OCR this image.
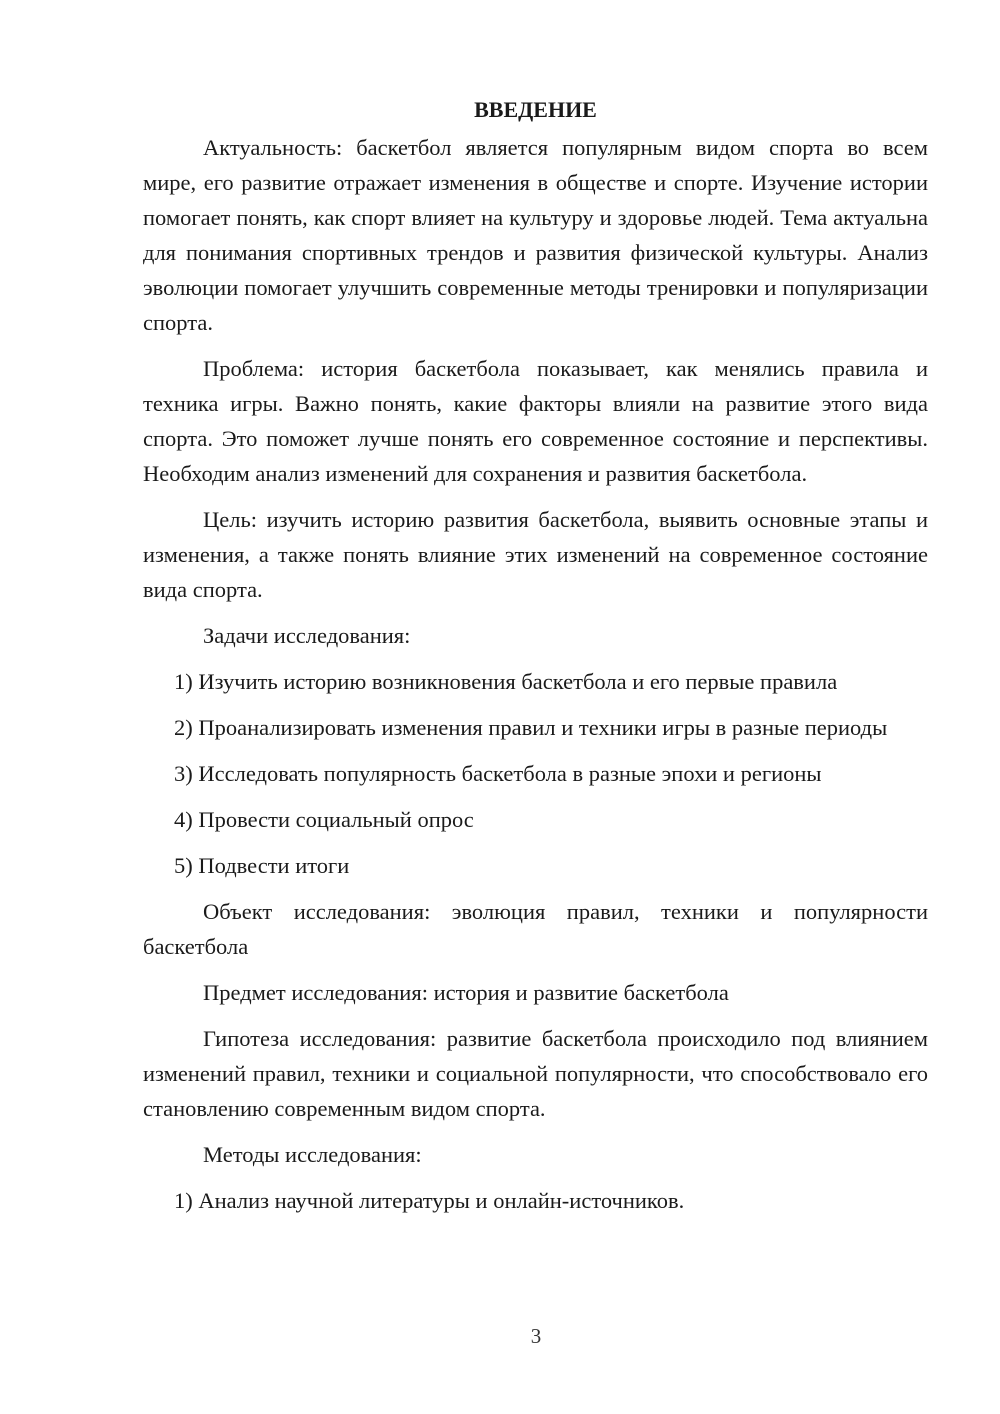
ВВЕДЕНИЕ

Актуальность: баскетбол является популярным видом спорта во всем мире, его развитие отражает изменения в обществе и спорте. Изучение истории помогает понять, как спорт влияет на культуру и здоровье людей. Тема актуальна для понимания спортивных трендов и развития физической культуры. Анализ эволюции помогает улучшить современные методы тренировки и популяризации спорта.

Проблема: история баскетбола показывает, как менялись правила и техника игры. Важно понять, какие факторы влияли на развитие этого вида спорта. Это поможет лучше понять его современное состояние и перспективы. Необходим анализ изменений для сохранения и развития баскетбола.

Цель: изучить историю развития баскетбола, выявить основные этапы и изменения, а также понять влияние этих изменений на современное состояние вида спорта.

Задачи исследования:

1) Изучить историю возникновения баскетбола и его первые правила

2) Проанализировать изменения правил и техники игры в разные периоды

3) Исследовать популярность баскетбола в разные эпохи и регионы

4) Провести социальный опрос

5) Подвести итоги

Объект исследования: эволюция правил, техники и популярности баскетбола

Предмет исследования: история и развитие баскетбола

Гипотеза исследования: развитие баскетбола происходило под влиянием изменений правил, техники и социальной популярности, что способствовало его становлению современным видом спорта.

Методы исследования:

1) Анализ научной литературы и онлайн-источников.

3
